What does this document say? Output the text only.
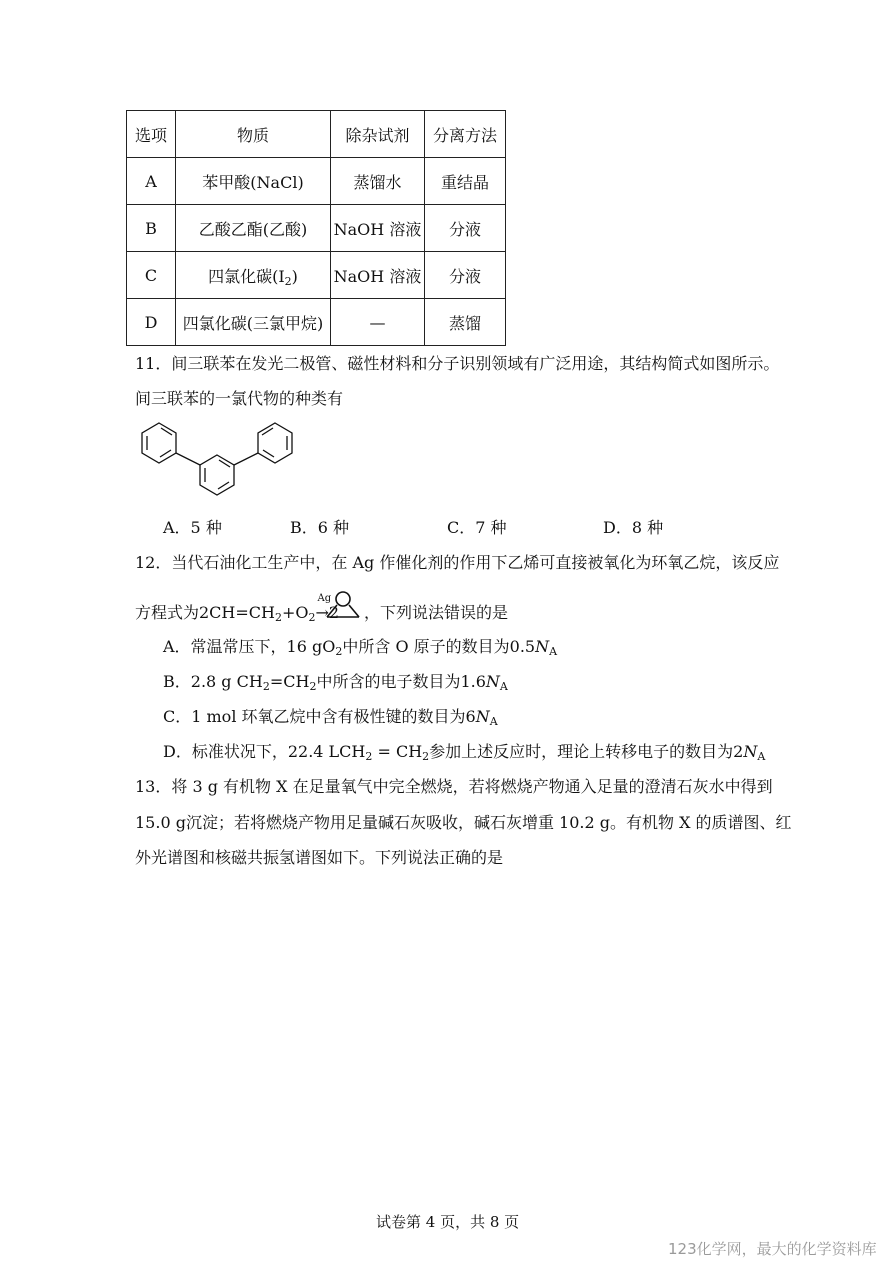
选项	物质	除杂试剂	分离方法
A	苯甲酸(NaCl)	蒸馏水	重结晶
B	乙酸乙酯(乙酸)	NaOH 溶液	分液
C	四氯化碳$(I_2)$	NaOH 溶液	分液
D	四氯化碳(三氯甲烷)	—	蒸馏
11．间三联苯在发光二极管、磁性材料和分子识别领域有广泛用途，其结构简式如图所示。
间三联苯的一氯代物的种类有
A．5 种	B．6 种	C．7 种	D．8 种
12．当代石油化工生产中，在 Ag 作催化剂的作用下乙烯可直接被氧化为环氧乙烷，该反应
方程式为$2CH=CH_2+O_2$
Ag
→2 ，下列说法错误的是
A．常温常压下，16 $gO_2$中所含 O 原子的数目为$0.5N_A$
B．2.8 g $CH_2=CH_2$中所含的电子数目为$1.6N_A$
C．1 mol 环氧乙烷中含有极性键的数目为$6N_A$
D．标准状况下，22.4 $LCH_2 = CH_2$参加上述反应时，理论上转移电子的数目为$2N_A$
13．将 3 g 有机物 X 在足量氧气中完全燃烧，若将燃烧产物通入足量的澄清石灰水中得到
15.0 g沉淀；若将燃烧产物用足量碱石灰吸收，碱石灰增重 10.2 g。有机物 X 的质谱图、红
外光谱图和核磁共振氢谱图如下。下列说法正确的是
试卷第 4 页，共 8 页
123化学网，最大的化学资料库
